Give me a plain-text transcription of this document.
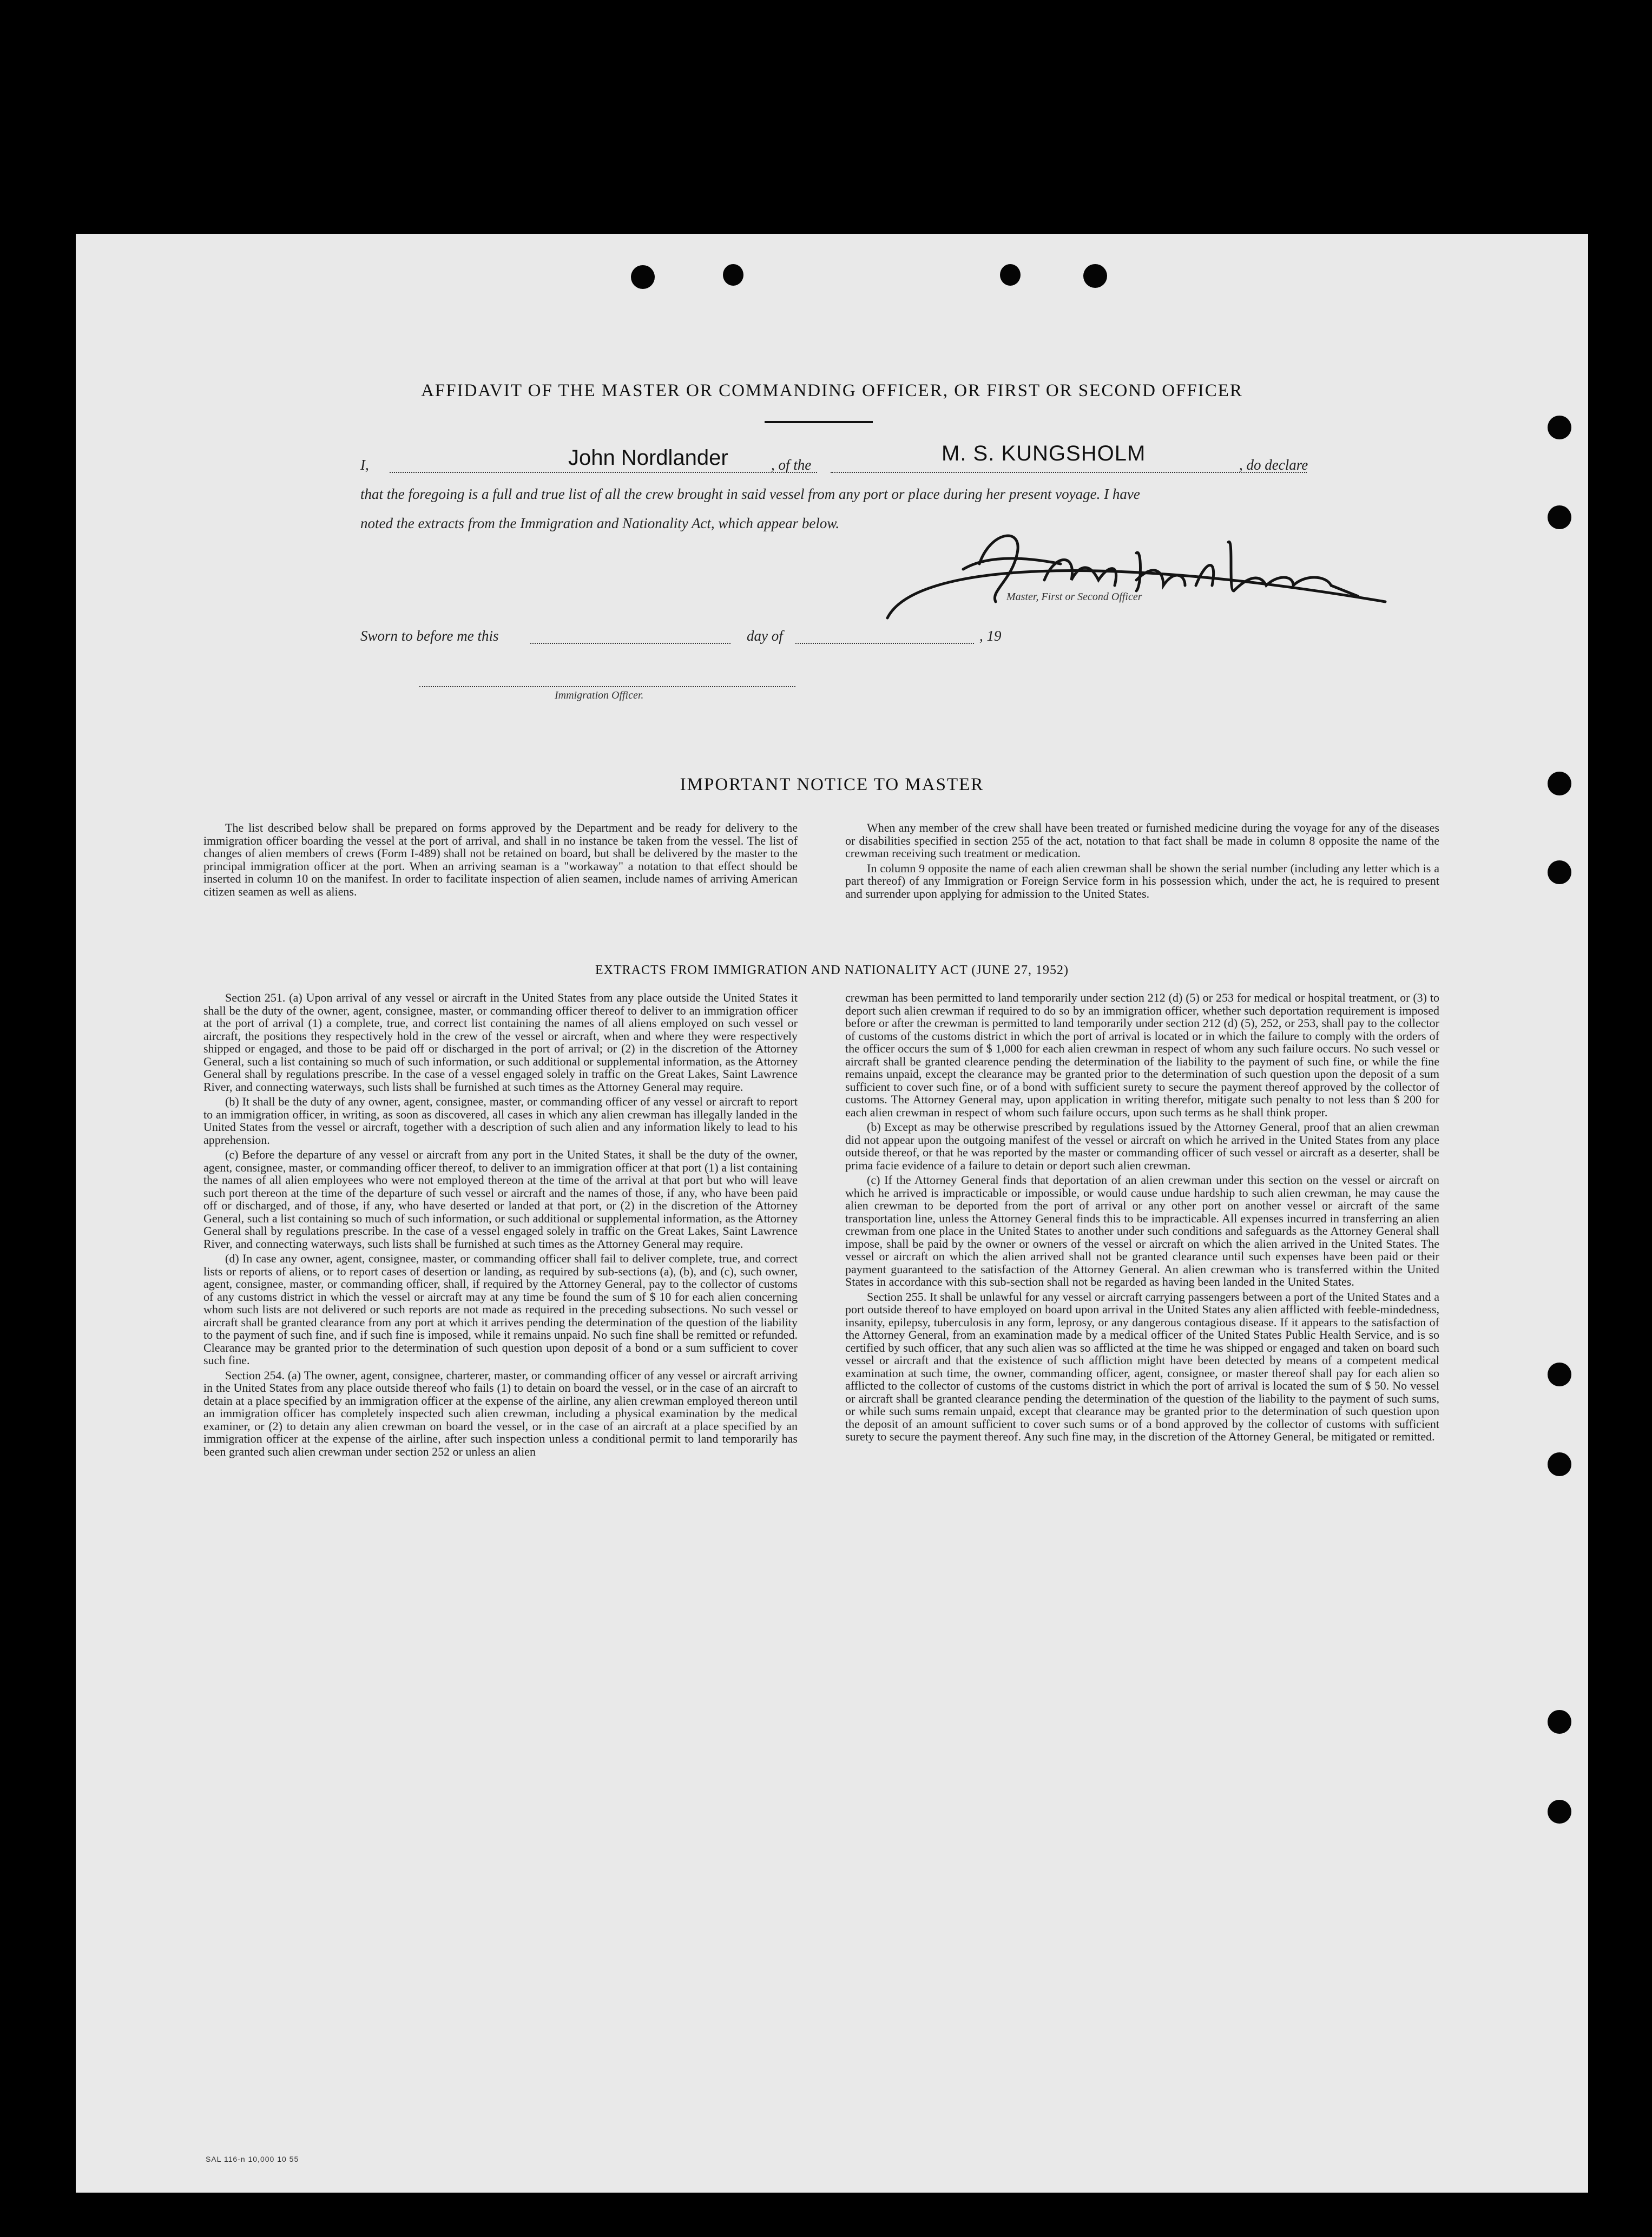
AFFIDAVIT OF THE MASTER OR COMMANDING OFFICER, OR FIRST OR SECOND OFFICER
I,	John Nordlander	, of the	M. S. KUNGSHOLM	, do declare
that the foregoing is a full and true list of all the crew brought in said vessel from any port or place during her present voyage. I have
noted the extracts from the Immigration and Nationality Act, which appear below.
Master, First or Second Officer
Sworn to before me this	day of	, 19
Immigration Officer.
IMPORTANT NOTICE TO MASTER

The list described below shall be prepared on forms approved by the Department and be ready for delivery to the immigration officer boarding the vessel at the port of arrival, and shall in no instance be taken from the vessel. The list of changes of alien members of crews (Form I-489) shall not be retained on board, but shall be delivered by the master to the principal immigration officer at the port. When an arriving seaman is a "workaway" a notation to that effect should be inserted in column 10 on the manifest. In order to facilitate inspection of alien seamen, include names of arriving American citizen seamen as well as aliens.

When any member of the crew shall have been treated or furnished medicine during the voyage for any of the diseases or disabilities specified in section 255 of the act, notation to that fact shall be made in column 8 opposite the name of the crewman receiving such treatment or medication.

In column 9 opposite the name of each alien crewman shall be shown the serial number (including any letter which is a part thereof) of any Immigration or Foreign Service form in his possession which, under the act, he is required to present and surrender upon applying for admission to the United States.

EXTRACTS FROM IMMIGRATION AND NATIONALITY ACT (JUNE 27, 1952)

Section 251. (a) Upon arrival of any vessel or aircraft in the United States from any place outside the United States it shall be the duty of the owner, agent, consignee, master, or commanding officer thereof to deliver to an immigration officer at the port of arrival (1) a complete, true, and correct list containing the names of all aliens employed on such vessel or aircraft, the positions they respectively hold in the crew of the vessel or aircraft, when and where they were respectively shipped or engaged, and those to be paid off or discharged in the port of arrival; or (2) in the discretion of the Attorney General, such a list containing so much of such information, or such additional or supplemental information, as the Attorney General shall by regulations prescribe. In the case of a vessel engaged solely in traffic on the Great Lakes, Saint Lawrence River, and connecting waterways, such lists shall be furnished at such times as the Attorney General may require.

(b) It shall be the duty of any owner, agent, consignee, master, or commanding officer of any vessel or aircraft to report to an immigration officer, in writing, as soon as discovered, all cases in which any alien crewman has illegally landed in the United States from the vessel or aircraft, together with a description of such alien and any information likely to lead to his apprehension.

(c) Before the departure of any vessel or aircraft from any port in the United States, it shall be the duty of the owner, agent, consignee, master, or commanding officer thereof, to deliver to an immigration officer at that port (1) a list containing the names of all alien employees who were not employed thereon at the time of the arrival at that port but who will leave such port thereon at the time of the departure of such vessel or aircraft and the names of those, if any, who have been paid off or discharged, and of those, if any, who have deserted or landed at that port, or (2) in the discretion of the Attorney General, such a list containing so much of such information, or such additional or supplemental information, as the Attorney General shall by regulations prescribe. In the case of a vessel engaged solely in traffic on the Great Lakes, Saint Lawrence River, and connecting waterways, such lists shall be furnished at such times as the Attorney General may require.

(d) In case any owner, agent, consignee, master, or commanding officer shall fail to deliver complete, true, and correct lists or reports of aliens, or to report cases of desertion or landing, as required by sub-sections (a), (b), and (c), such owner, agent, consignee, master, or commanding officer, shall, if required by the Attorney General, pay to the collector of customs of any customs district in which the vessel or aircraft may at any time be found the sum of $ 10 for each alien concerning whom such lists are not delivered or such reports are not made as required in the preceding subsections. No such vessel or aircraft shall be granted clearance from any port at which it arrives pending the determination of the question of the liability to the payment of such fine, and if such fine is imposed, while it remains unpaid. No such fine shall be remitted or refunded. Clearance may be granted prior to the determination of such question upon deposit of a bond or a sum sufficient to cover such fine.

Section 254. (a) The owner, agent, consignee, charterer, master, or commanding officer of any vessel or aircraft arriving in the United States from any place outside thereof who fails (1) to detain on board the vessel, or in the case of an aircraft to detain at a place specified by an immigration officer at the expense of the airline, any alien crewman employed thereon until an immigration officer has completely inspected such alien crewman, including a physical examination by the medical examiner, or (2) to detain any alien crewman on board the vessel, or in the case of an aircraft at a place specified by an immigration officer at the expense of the airline, after such inspection unless a conditional permit to land temporarily has been granted such alien crewman under section 252 or unless an alien

crewman has been permitted to land temporarily under section 212 (d) (5) or 253 for medical or hospital treatment, or (3) to deport such alien crewman if required to do so by an immigration officer, whether such deportation requirement is imposed before or after the crewman is permitted to land temporarily under section 212 (d) (5), 252, or 253, shall pay to the collector of customs of the customs district in which the port of arrival is located or in which the failure to comply with the orders of the officer occurs the sum of $ 1,000 for each alien crewman in respect of whom any such failure occurs. No such vessel or aircraft shall be granted clearence pending the determination of the liability to the payment of such fine, or while the fine remains unpaid, except the clearance may be granted prior to the determination of such question upon the deposit of a sum sufficient to cover such fine, or of a bond with sufficient surety to secure the payment thereof approved by the collector of customs. The Attorney General may, upon application in writing therefor, mitigate such penalty to not less than $ 200 for each alien crewman in respect of whom such failure occurs, upon such terms as he shall think proper.

(b) Except as may be otherwise prescribed by regulations issued by the Attorney General, proof that an alien crewman did not appear upon the outgoing manifest of the vessel or aircraft on which he arrived in the United States from any place outside thereof, or that he was reported by the master or commanding officer of such vessel or aircraft as a deserter, shall be prima facie evidence of a failure to detain or deport such alien crewman.

(c) If the Attorney General finds that deportation of an alien crewman under this section on the vessel or aircraft on which he arrived is impracticable or impossible, or would cause undue hardship to such alien crewman, he may cause the alien crewman to be deported from the port of arrival or any other port on another vessel or aircraft of the same transportation line, unless the Attorney General finds this to be impracticable. All expenses incurred in transferring an alien crewman from one place in the United States to another under such conditions and safeguards as the Attorney General shall impose, shall be paid by the owner or owners of the vessel or aircraft on which the alien arrived in the United States. The vessel or aircraft on which the alien arrived shall not be granted clearance until such expenses have been paid or their payment guaranteed to the satisfaction of the Attorney General. An alien crewman who is transferred within the United States in accordance with this sub-section shall not be regarded as having been landed in the United States.

Section 255. It shall be unlawful for any vessel or aircraft carrying passengers between a port of the United States and a port outside thereof to have employed on board upon arrival in the United States any alien afflicted with feeble-mindedness, insanity, epilepsy, tuberculosis in any form, leprosy, or any dangerous contagious disease. If it appears to the satisfaction of the Attorney General, from an examination made by a medical officer of the United States Public Health Service, and is so certified by such officer, that any such alien was so afflicted at the time he was shipped or engaged and taken on board such vessel or aircraft and that the existence of such affliction might have been detected by means of a competent medical examination at such time, the owner, commanding officer, agent, consignee, or master thereof shall pay for each alien so afflicted to the collector of customs of the customs district in which the port of arrival is located the sum of $ 50. No vessel or aircraft shall be granted clearance pending the determination of the question of the liability to the payment of such sums, or while such sums remain unpaid, except that clearance may be granted prior to the determination of such question upon the deposit of an amount sufficient to cover such sums or of a bond approved by the collector of customs with sufficient surety to secure the payment thereof. Any such fine may, in the discretion of the Attorney General, be mitigated or remitted.

SAL 116-n 10,000 10 55
